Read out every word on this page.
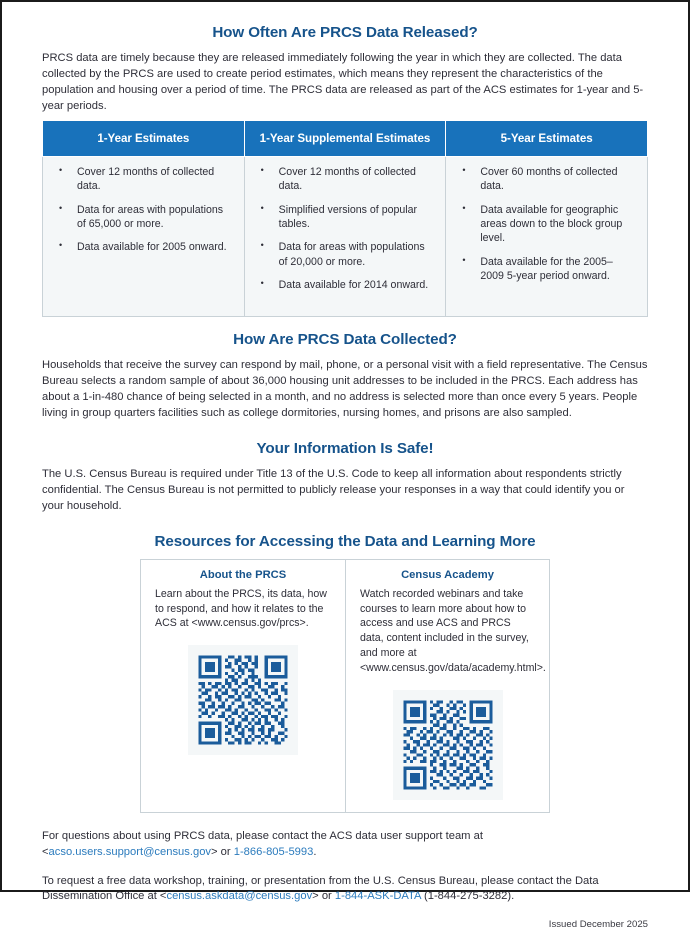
How Often Are PRCS Data Released?

PRCS data are timely because they are released immediately following the year in which they are collected. The data collected by the PRCS are used to create period estimates, which means they represent the characteristics of the population and housing over a period of time. The PRCS data are released as part of the ACS estimates for 1-year and 5-year periods.

1-Year Estimates	1-Year Supplemental Estimates	5-Year Estimates

• Cover 12 months of collected data.
• Data for areas with populations of 65,000 or more.
• Data available for 2005 onward.

• Cover 12 months of collected data.
• Simplified versions of popular tables.
• Data for areas with populations of 20,000 or more.
• Data available for 2014 onward.

• Cover 60 months of collected data.
• Data available for geographic areas down to the block group level.
• Data available for the 2005–2009 5-year period onward.
How Are PRCS Data Collected?

Households that receive the survey can respond by mail, phone, or a personal visit with a field representative. The Census Bureau selects a random sample of about 36,000 housing unit addresses to be included in the PRCS. Each address has about a 1-in-480 chance of being selected in a month, and no address is selected more than once every 5 years. People living in group quarters facilities such as college dormitories, nursing homes, and prisons are also sampled.

Your Information Is Safe!

The U.S. Census Bureau is required under Title 13 of the U.S. Code to keep all information about respondents strictly confidential. The Census Bureau is not permitted to publicly release your responses in a way that could identify you or your household.

Resources for Accessing the Data and Learning More
About the PRCS

Learn about the PRCS, its data, how to respond, and how it relates to the ACS at <www.census.gov/prcs>.

Census Academy

Watch recorded webinars and take courses to learn more about how to access and use ACS and PRCS data, content included in the survey, and more at <www.census.gov/data/academy.html>.

For questions about using PRCS data, please contact the ACS data user support team at <acso.users.support@census.gov> or 1-866-805-5993.

To request a free data workshop, training, or presentation from the U.S. Census Bureau, please contact the Data Dissemination Office at <census.askdata@census.gov> or 1-844-ASK-DATA (1-844-275-3282).

Issued December 2025
